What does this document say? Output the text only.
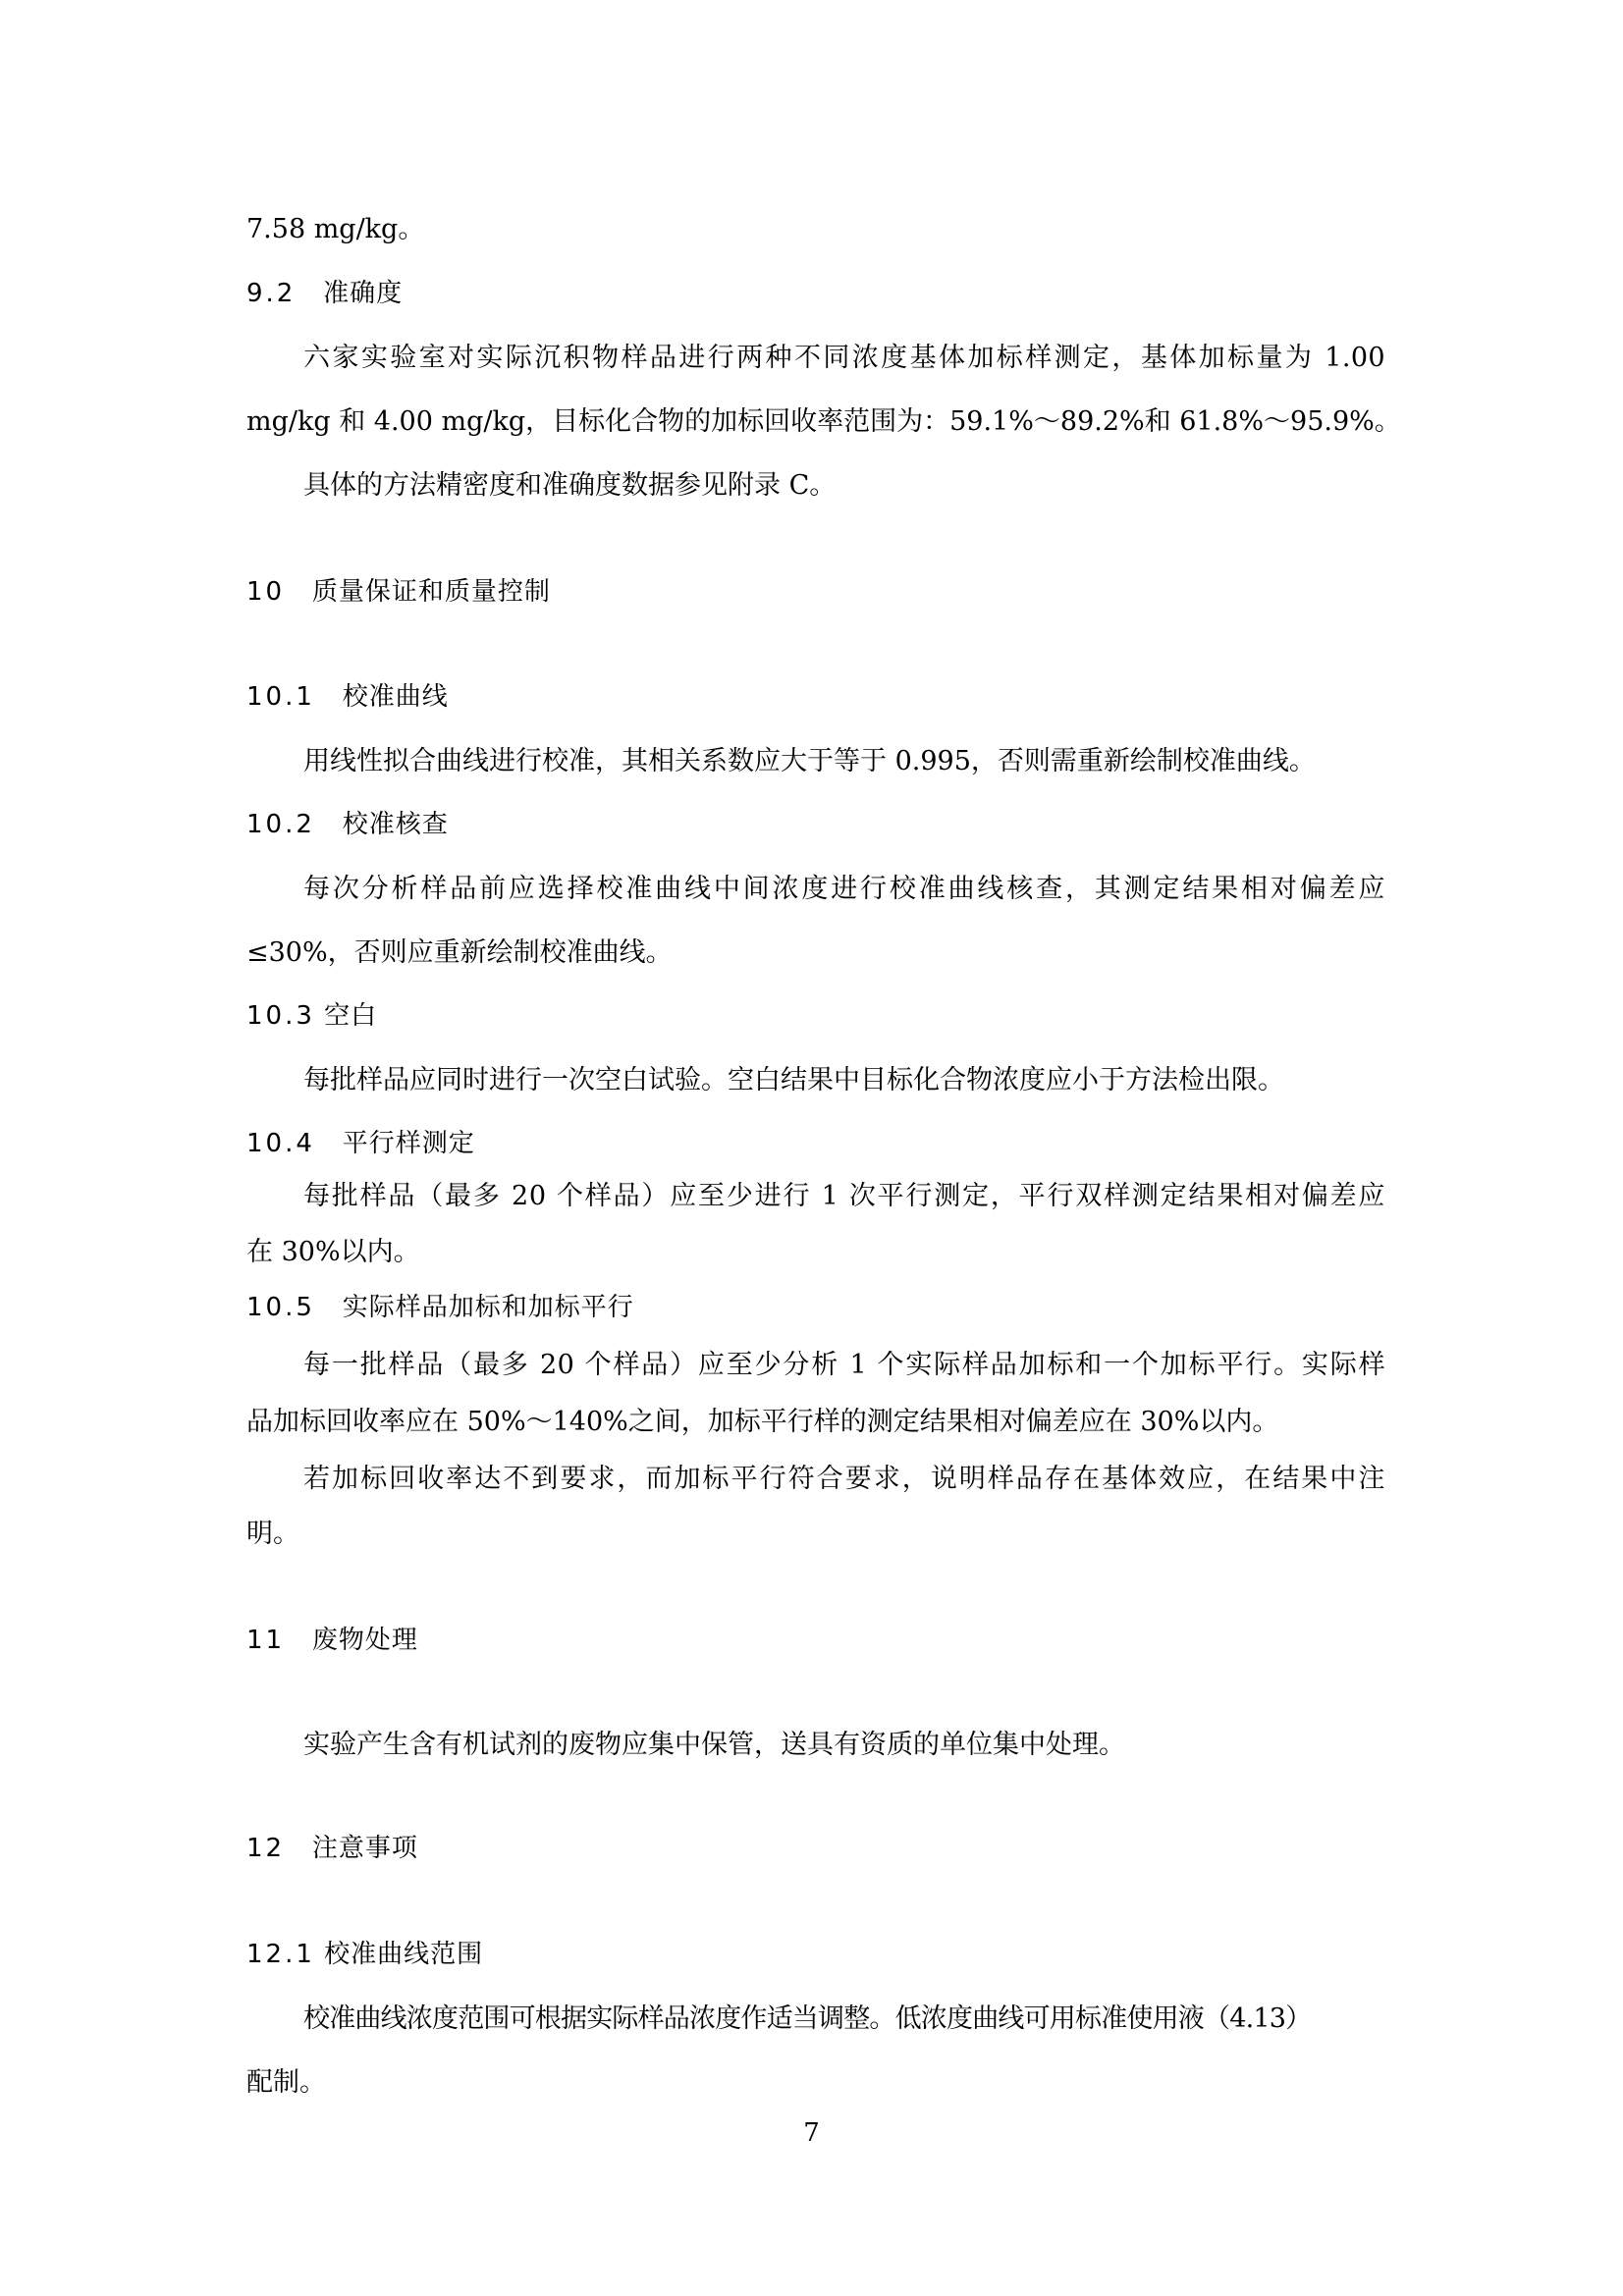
7.58 mg/kg。
9.2 准确度
六家实验室对实际沉积物样品进行两种不同浓度基体加标样测定，基体加标量为 1.00
mg/kg 和 4.00 mg/kg，目标化合物的加标回收率范围为：59.1%～89.2%和 61.8%～95.9%。
具体的方法精密度和准确度数据参见附录 C。
10 质量保证和质量控制
10.1 校准曲线
用线性拟合曲线进行校准，其相关系数应大于等于 0.995，否则需重新绘制校准曲线。
10.2 校准核查
每次分析样品前应选择校准曲线中间浓度进行校准曲线核查，其测定结果相对偏差应
≤30%，否则应重新绘制校准曲线。
10.3 空白
每批样品应同时进行一次空白试验。空白结果中目标化合物浓度应小于方法检出限。
10.4 平行样测定
每批样品（最多 20 个样品）应至少进行 1 次平行测定，平行双样测定结果相对偏差应
在 30%以内。
10.5 实际样品加标和加标平行
每一批样品（最多 20 个样品）应至少分析 1 个实际样品加标和一个加标平行。实际样
品加标回收率应在 50%～140%之间，加标平行样的测定结果相对偏差应在 30%以内。
若加标回收率达不到要求，而加标平行符合要求，说明样品存在基体效应，在结果中注
明。
11 废物处理
实验产生含有机试剂的废物应集中保管，送具有资质的单位集中处理。
12 注意事项
12.1 校准曲线范围
校准曲线浓度范围可根据实际样品浓度作适当调整。低浓度曲线可用标准使用液（4.13）
配制。
7
